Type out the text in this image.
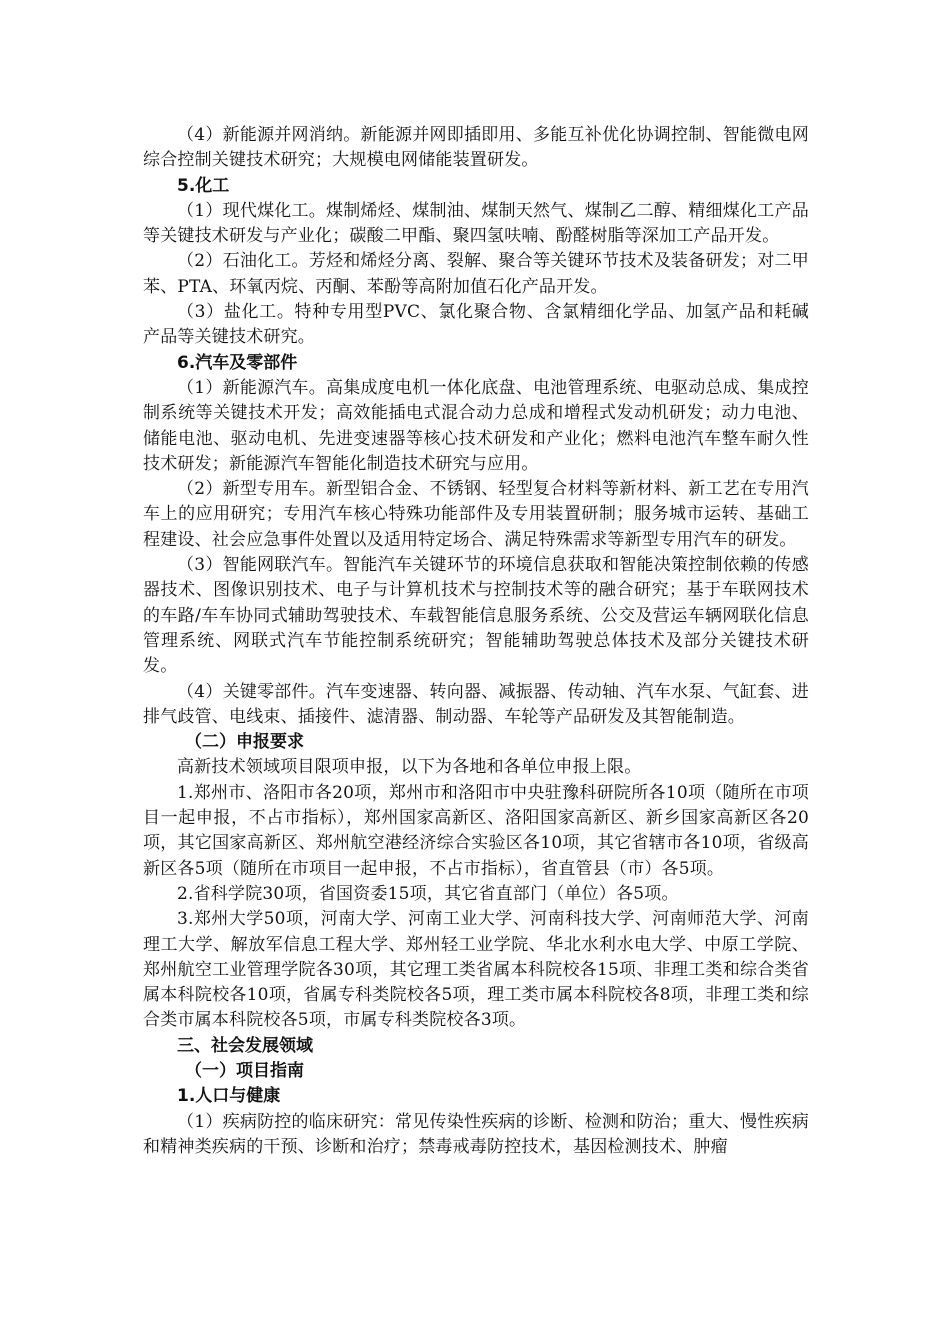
（4）新能源并网消纳。新能源并网即插即用、多能互补优化协调控制、智能微电网综合控制关键技术研究；大规模电网储能装置研发。

5.化工

（1）现代煤化工。煤制烯烃、煤制油、煤制天然气、煤制乙二醇、精细煤化工产品等关键技术研发与产业化；碳酸二甲酯、聚四氢呋喃、酚醛树脂等深加工产品开发。

（2）石油化工。芳烃和烯烃分离、裂解、聚合等关键环节技术及装备研发；对二甲苯、PTA、环氧丙烷、丙酮、苯酚等高附加值石化产品开发。

（3）盐化工。特种专用型PVC、氯化聚合物、含氯精细化学品、加氢产品和耗碱产品等关键技术研究。

6.汽车及零部件

（1）新能源汽车。高集成度电机一体化底盘、电池管理系统、电驱动总成、集成控制系统等关键技术开发；高效能插电式混合动力总成和增程式发动机研发；动力电池、储能电池、驱动电机、先进变速器等核心技术研发和产业化；燃料电池汽车整车耐久性技术研发；新能源汽车智能化制造技术研究与应用。

（2）新型专用车。新型铝合金、不锈钢、轻型复合材料等新材料、新工艺在专用汽车上的应用研究；专用汽车核心特殊功能部件及专用装置研制；服务城市运转、基础工程建设、社会应急事件处置以及适用特定场合、满足特殊需求等新型专用汽车的研发。

（3）智能网联汽车。智能汽车关键环节的环境信息获取和智能决策控制依赖的传感器技术、图像识别技术、电子与计算机技术与控制技术等的融合研究；基于车联网技术的车路/车车协同式辅助驾驶技术、车载智能信息服务系统、公交及营运车辆网联化信息管理系统、网联式汽车节能控制系统研究；智能辅助驾驶总体技术及部分关键技术研发。

（4）关键零部件。汽车变速器、转向器、减振器、传动轴、汽车水泵、气缸套、进排气歧管、电线束、插接件、滤清器、制动器、车轮等产品研发及其智能制造。

（二）申报要求

高新技术领域项目限项申报，以下为各地和各单位申报上限。

1.郑州市、洛阳市各20项，郑州市和洛阳市中央驻豫科研院所各10项（随所在市项目一起申报，不占市指标），郑州国家高新区、洛阳国家高新区、新乡国家高新区各20项，其它国家高新区、郑州航空港经济综合实验区各10项，其它省辖市各10项，省级高新区各5项（随所在市项目一起申报，不占市指标），省直管县（市）各5项。

2.省科学院30项，省国资委15项，其它省直部门（单位）各5项。

3.郑州大学50项，河南大学、河南工业大学、河南科技大学、河南师范大学、河南理工大学、解放军信息工程大学、郑州轻工业学院、华北水利水电大学、中原工学院、郑州航空工业管理学院各30项，其它理工类省属本科院校各15项、非理工类和综合类省属本科院校各10项，省属专科类院校各5项，理工类市属本科院校各8项，非理工类和综合类市属本科院校各5项，市属专科类院校各3项。

三、社会发展领域

（一）项目指南

1.人口与健康

（1）疾病防控的临床研究：常见传染性疾病的诊断、检测和防治；重大、慢性疾病和精神类疾病的干预、诊断和治疗；禁毒戒毒防控技术，基因检测技术、肿瘤
